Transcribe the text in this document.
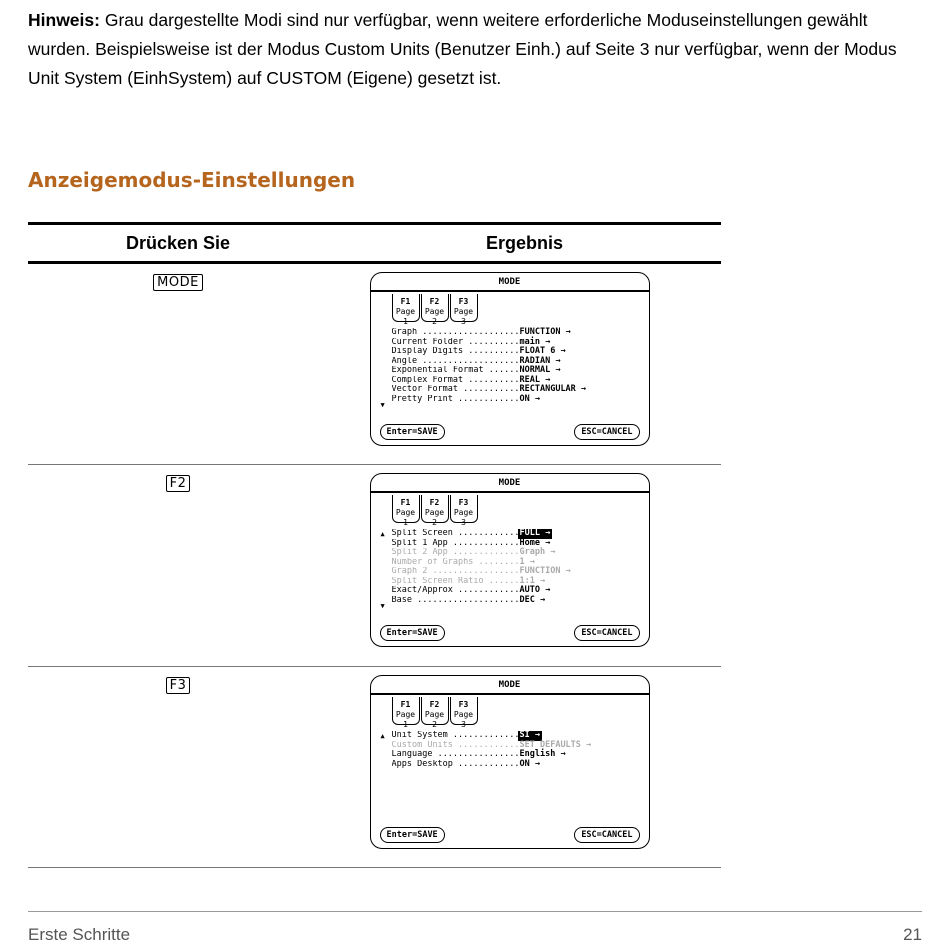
Hinweis: Grau dargestellte Modi sind nur verfügbar, wenn weitere erforderliche Moduseinstellungen gewählt wurden. Beispielsweise ist der Modus Custom Units (Benutzer Einh.) auf Seite 3 nur verfügbar, wenn der Modus Unit System (EinhSystem) auf CUSTOM (Eigene) gesetzt ist.

Anzeigemodus-Einstellungen
Drücken Sie	Ergebnis
MODE	MODE
F1
Page 1
F2
Page 2
F3
Page 3
Graph .....	FUNCTION →
Current Folder .....	main →
Display Digits .....	FLOAT 6 →
Angle .....	RADIAN →
Exponential Format .....	NORMAL →
Complex Format .....	REAL →
Vector Format .....	RECTANGULAR →
Pretty Print .....	ON →
▼
Enter=SAVE	ESC=CANCEL
F2	MODE
F1
Page 1
F2
Page 2
F3
Page 3
▲ Split Screen .....	FULL →
Split 1 App .....	Home →
Split 2 App .....	Graph →
Number of Graphs .....	1 →
Graph 2 .....	FUNCTION →
Split Screen Ratio .....	1:1 →
Exact/Approx .....	AUTO →
Base .....	DEC →
▼
Enter=SAVE	ESC=CANCEL
F3	MODE
F1
Page 1
F2
Page 2
F3
Page 3
▲ Unit System .....	SI →
Custom Units .....	SET DEFAULTS →
Language .....	English →
Apps Desktop .....	ON →
Enter=SAVE	ESC=CANCEL
Erste Schritte	21
